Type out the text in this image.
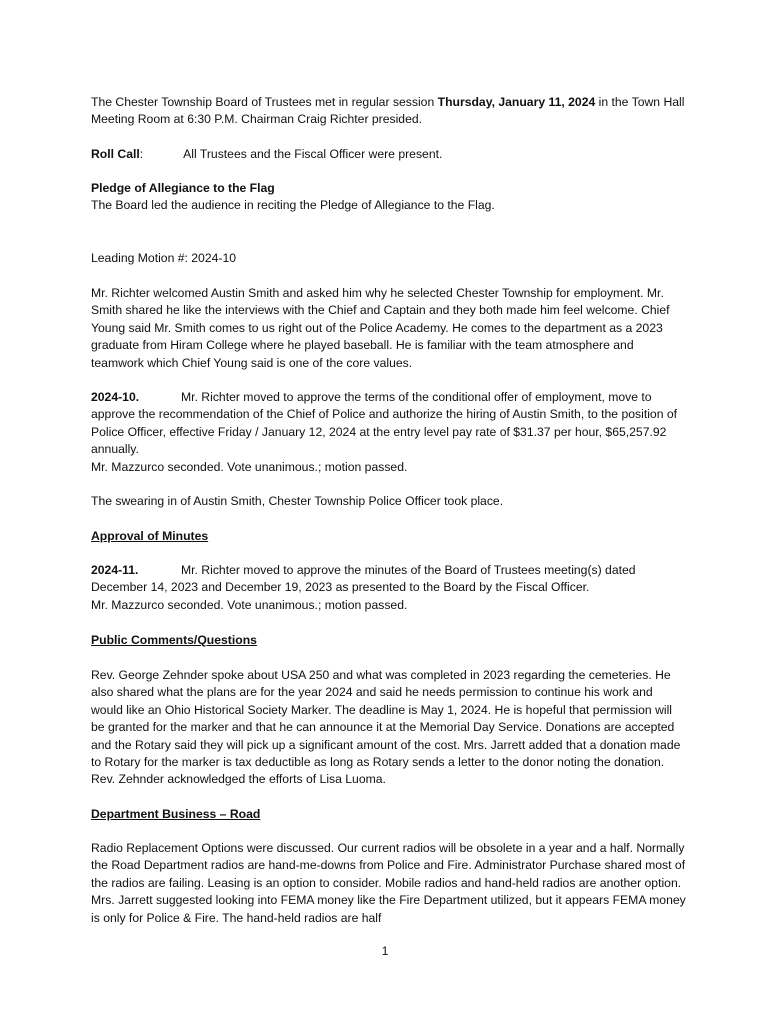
The Chester Township Board of Trustees met in regular session Thursday, January 11, 2024 in the Town Hall Meeting Room at 6:30 P.M. Chairman Craig Richter presided.

Roll Call:	All Trustees and the Fiscal Officer were present.

Pledge of Allegiance to the Flag

The Board led the audience in reciting the Pledge of Allegiance to the Flag.

Leading Motion #: 2024-10

Mr. Richter welcomed Austin Smith and asked him why he selected Chester Township for employment. Mr. Smith shared he like the interviews with the Chief and Captain and they both made him feel welcome. Chief Young said Mr. Smith comes to us right out of the Police Academy. He comes to the department as a 2023 graduate from Hiram College where he played baseball. He is familiar with the team atmosphere and teamwork which Chief Young said is one of the core values.

2024-10.	Mr. Richter moved to approve the terms of the conditional offer of employment, move to approve the recommendation of the Chief of Police and authorize the hiring of Austin Smith, to the position of Police Officer, effective Friday / January 12, 2024 at the entry level pay rate of $31.37 per hour, $65,257.92 annually.

Mr. Mazzurco seconded. Vote unanimous.; motion passed.

The swearing in of Austin Smith, Chester Township Police Officer took place.

Approval of Minutes

2024-11.	Mr. Richter moved to approve the minutes of the Board of Trustees meeting(s) dated December 14, 2023 and December 19, 2023 as presented to the Board by the Fiscal Officer.

Mr. Mazzurco seconded. Vote unanimous.; motion passed.

Public Comments/Questions

Rev. George Zehnder spoke about USA 250 and what was completed in 2023 regarding the cemeteries. He also shared what the plans are for the year 2024 and said he needs permission to continue his work and would like an Ohio Historical Society Marker. The deadline is May 1, 2024. He is hopeful that permission will be granted for the marker and that he can announce it at the Memorial Day Service. Donations are accepted and the Rotary said they will pick up a significant amount of the cost. Mrs. Jarrett added that a donation made to Rotary for the marker is tax deductible as long as Rotary sends a letter to the donor noting the donation. Rev. Zehnder acknowledged the efforts of Lisa Luoma.

Department Business – Road

Radio Replacement Options were discussed. Our current radios will be obsolete in a year and a half. Normally the Road Department radios are hand-me-downs from Police and Fire. Administrator Purchase shared most of the radios are failing. Leasing is an option to consider. Mobile radios and hand-held radios are another option. Mrs. Jarrett suggested looking into FEMA money like the Fire Department utilized, but it appears FEMA money is only for Police & Fire. The hand-held radios are half

1
